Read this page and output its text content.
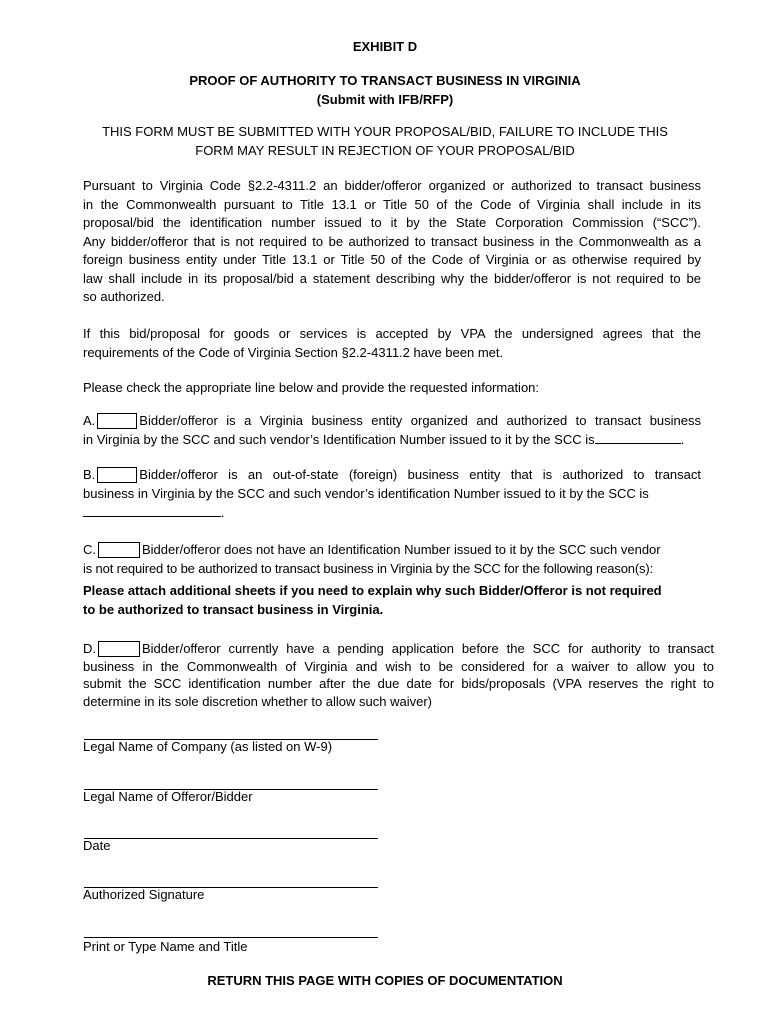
EXHIBIT D
PROOF OF AUTHORITY TO TRANSACT BUSINESS IN VIRGINIA
(Submit with IFB/RFP)
THIS FORM MUST BE SUBMITTED WITH YOUR PROPOSAL/BID, FAILURE TO INCLUDE THIS
FORM MAY RESULT IN REJECTION OF YOUR PROPOSAL/BID
Pursuant to Virginia Code §2.2-4311.2 an bidder/offeror organized or authorized to transact business
in the Commonwealth pursuant to Title 13.1 or Title 50 of the Code of Virginia shall include in its
proposal/bid the identification number issued to it by the State Corporation Commission (“SCC”).
Any bidder/offeror that is not required to be authorized to transact business in the Commonwealth as a
foreign business entity under Title 13.1 or Title 50 of the Code of Virginia or as otherwise required by
law shall include in its proposal/bid a statement describing why the bidder/offeror is not required to be
so authorized.
If this bid/proposal for goods or services is accepted by VPA the undersigned agrees that the
requirements of the Code of Virginia Section §2.2-4311.2 have been met.
Please check the appropriate line below and provide the requested information:
A.	Bidder/offeror is a Virginia business entity organized and authorized to transact business
in Virginia by the SCC and such vendor’s Identification Number issued to it by the SCC is	.
B.	Bidder/offeror is an out-of-state (foreign) business entity that is authorized to transact
business in Virginia by the SCC and such vendor’s identification Number issued to it by the SCC is
.
C.	Bidder/offeror does not have an Identification Number issued to it by the SCC such vendor
is not required to be authorized to transact business in Virginia by the SCC for the following reason(s):
Please attach additional sheets if you need to explain why such Bidder/Offeror is not required
to be authorized to transact business in Virginia.
D.	Bidder/offeror currently have a pending application before the SCC for authority to transact
business in the Commonwealth of Virginia and wish to be considered for a waiver to allow you to
submit the SCC identification number after the due date for bids/proposals (VPA reserves the right to
determine in its sole discretion whether to allow such waiver)
Legal Name of Company (as listed on W-9)
Legal Name of Offeror/Bidder
Date
Authorized Signature
Print or Type Name and Title
RETURN THIS PAGE WITH COPIES OF DOCUMENTATION
